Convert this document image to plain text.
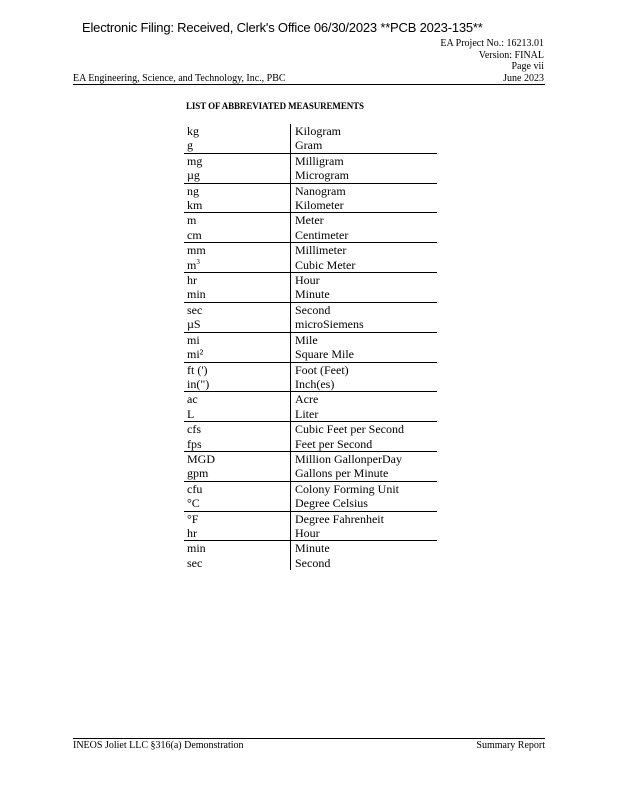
Electronic Filing: Received, Clerk's Office 06/30/2023 **PCB 2023-135**
EA Project No.: 16213.01
Version: FINAL
Page vii
June 2023
EA Engineering, Science, and Technology, Inc., PBC
LIST OF ABBREVIATED MEASUREMENTS
kg	Kilogram
g	Gram
mg	Milligram
µg	Microgram
ng	Nanogram
km	Kilometer
m	Meter
cm	Centimeter
mm	Millimeter
$m^3$	Cubic Meter
hr	Hour
min	Minute
sec	Second
µS	microSiemens
mi	Mile
mi²	Square Mile
ft (')	Foot (Feet)
in(")	Inch(es)
ac	Acre
L	Liter
cfs	Cubic Feet per Second
fps	Feet per Second
MGD	Million GallonperDay
gpm	Gallons per Minute
cfu	Colony Forming Unit
°C	Degree Celsius
°F	Degree Fahrenheit
hr	Hour
min	Minute
sec	Second
INEOS Joliet LLC §316(a) Demonstration	Summary Report
